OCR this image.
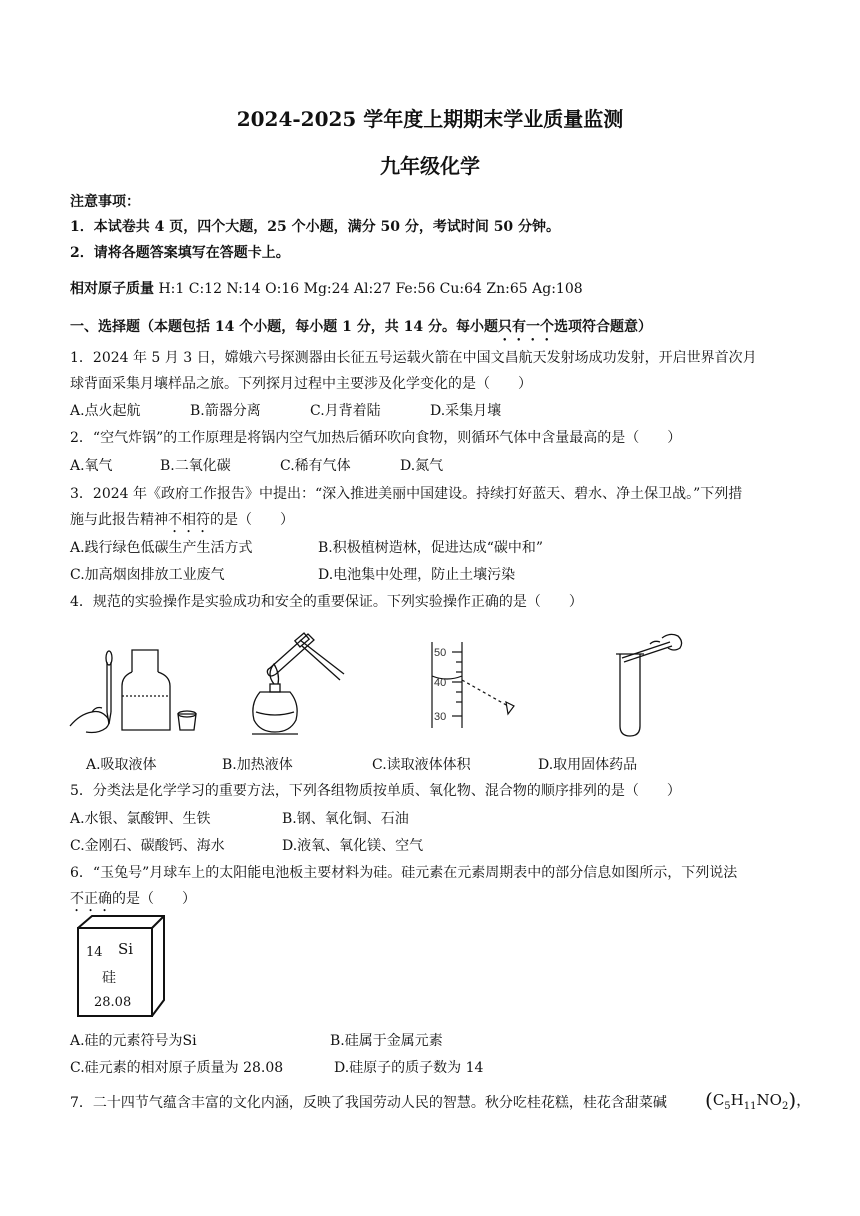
2024-2025 学年度上期期末学业质量监测
九年级化学
注意事项：
1．本试卷共 4 页，四个大题，25 个小题，满分 50 分，考试时间 50 分钟。
2．请将各题答案填写在答题卡上。
相对原子质量 H:1 C:12 N:14 O:16 Mg:24 Al:27 Fe:56 Cu:64 Zn:65 Ag:108
一、选择题（本题包括 14 个小题，每小题 1 分，共 14 分。每小题只有一个选项符合题意）
1．2024 年 5 月 3 日，嫦娥六号探测器由长征五号运载火箭在中国文昌航天发射场成功发射，开启世界首次月
球背面采集月壤样品之旅。下列探月过程中主要涉及化学变化的是（　　）
A.点火起航	B.箭器分离	C.月背着陆	D.采集月壤
2．“空气炸锅”的工作原理是将锅内空气加热后循环吹向食物，则循环气体中含量最高的是（　　）
A.氧气	B.二氧化碳	C.稀有气体	D.氮气
3．2024 年《政府工作报告》中提出：“深入推进美丽中国建设。持续打好蓝天、碧水、净土保卫战。”下列措
施与此报告精神不相符的是（　　）
A.践行绿色低碳生产生活方式	B.积极植树造林，促进达成“碳中和”
C.加高烟囱排放工业废气	D.电池集中处理，防止土壤污染
4．规范的实验操作是实验成功和安全的重要保证。下列实验操作正确的是（　　）
50
40
30
A.吸取液体	B.加热液体	C.读取液体体积	D.取用固体药品
5．分类法是化学学习的重要方法，下列各组物质按单质、氧化物、混合物的顺序排列的是（　　）
A.水银、氯酸钾、生铁	B.钢、氧化铜、石油
C.金刚石、碳酸钙、海水	D.液氧、氧化镁、空气
6．“玉兔号”月球车上的太阳能电池板主要材料为硅。硅元素在元素周期表中的部分信息如图所示，下列说法
不正确的是（　　）
14 Si
硅
28.08
A.硅的元素符号为Si	B.硅属于金属元素
C.硅元素的相对原子质量为 28.08	D.硅原子的质子数为 14
7．二十四节气蕴含丰富的文化内涵，反映了我国劳动人民的智慧。秋分吃桂花糕，桂花含甜菜碱 $(C_5H_{11}NO_2)$，
